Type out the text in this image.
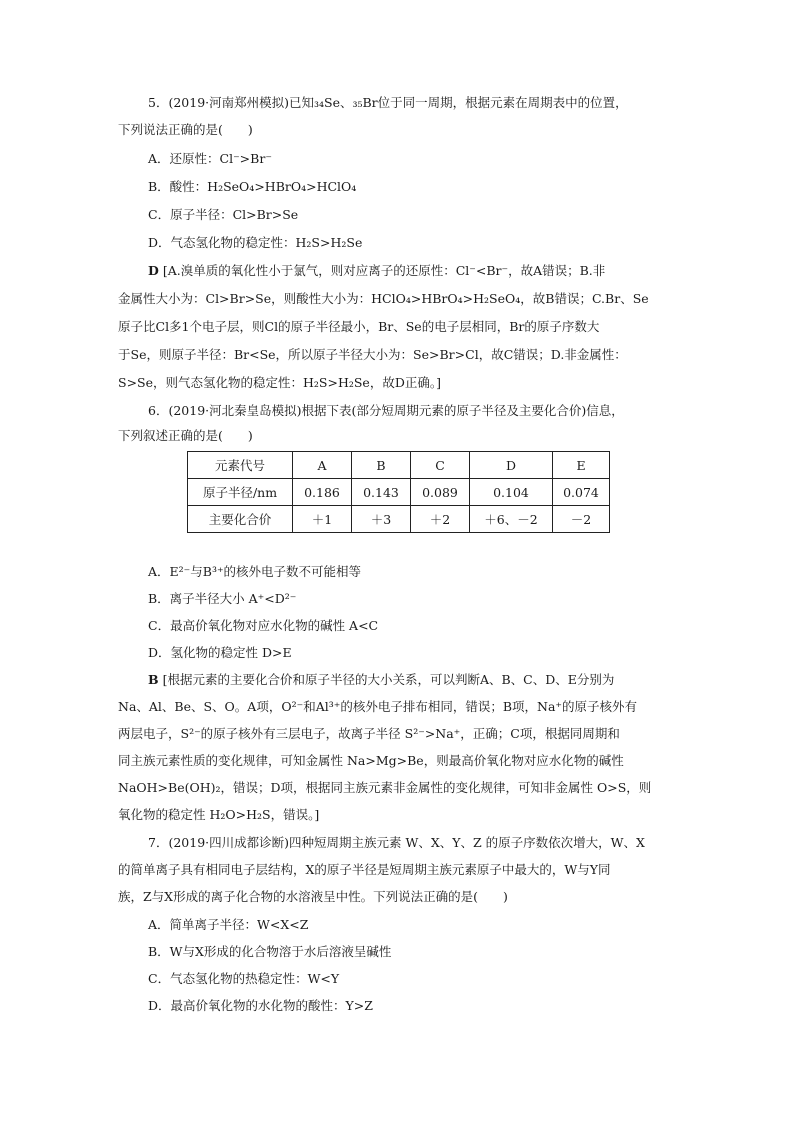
5．(2019·河南郑州模拟)已知₃₄Se、₃₅Br位于同一周期，根据元素在周期表中的位置，
下列说法正确的是(　　)
A．还原性：Cl⁻>Br⁻
B．酸性：H₂SeO₄>HBrO₄>HClO₄
C．原子半径：Cl>Br>Se
D．气态氢化物的稳定性：H₂S>H₂Se
D [A.溴单质的氧化性小于氯气，则对应离子的还原性：Cl⁻<Br⁻，故A错误；B.非
金属性大小为：Cl>Br>Se，则酸性大小为：HClO₄>HBrO₄>H₂SeO₄，故B错误；C.Br、Se
原子比Cl多1个电子层，则Cl的原子半径最小，Br、Se的电子层相同，Br的原子序数大
于Se，则原子半径：Br<Se，所以原子半径大小为：Se>Br>Cl，故C错误；D.非金属性：
S>Se，则气态氢化物的稳定性：H₂S>H₂Se，故D正确。]
6．(2019·河北秦皇岛模拟)根据下表(部分短周期元素的原子半径及主要化合价)信息，
下列叙述正确的是(　　)
元素代号	A	B	C	D	E
原子半径/nm	0.186	0.143	0.089	0.104	0.074
主要化合价	＋1	＋3	＋2	＋6、－2	－2
A．E²⁻与B³⁺的核外电子数不可能相等
B．离子半径大小 A⁺<D²⁻
C．最高价氧化物对应水化物的碱性 A<C
D．氢化物的稳定性 D>E
B [根据元素的主要化合价和原子半径的大小关系，可以判断A、B、C、D、E分别为
Na、Al、Be、S、O。A项，O²⁻和Al³⁺的核外电子排布相同，错误；B项，Na⁺的原子核外有
两层电子，S²⁻的原子核外有三层电子，故离子半径 S²⁻>Na⁺，正确；C项，根据同周期和
同主族元素性质的变化规律，可知金属性 Na>Mg>Be，则最高价氧化物对应水化物的碱性
NaOH>Be(OH)₂，错误；D项，根据同主族元素非金属性的变化规律，可知非金属性 O>S，则
氧化物的稳定性 H₂O>H₂S，错误。]
7．(2019·四川成都诊断)四种短周期主族元素 W、X、Y、Z 的原子序数依次增大，W、X
的简单离子具有相同电子层结构，X的原子半径是短周期主族元素原子中最大的，W与Y同
族，Z与X形成的离子化合物的水溶液呈中性。下列说法正确的是(　　)
A．简单离子半径：W<X<Z
B．W与X形成的化合物溶于水后溶液呈碱性
C．气态氢化物的热稳定性：W<Y
D．最高价氧化物的水化物的酸性：Y>Z
